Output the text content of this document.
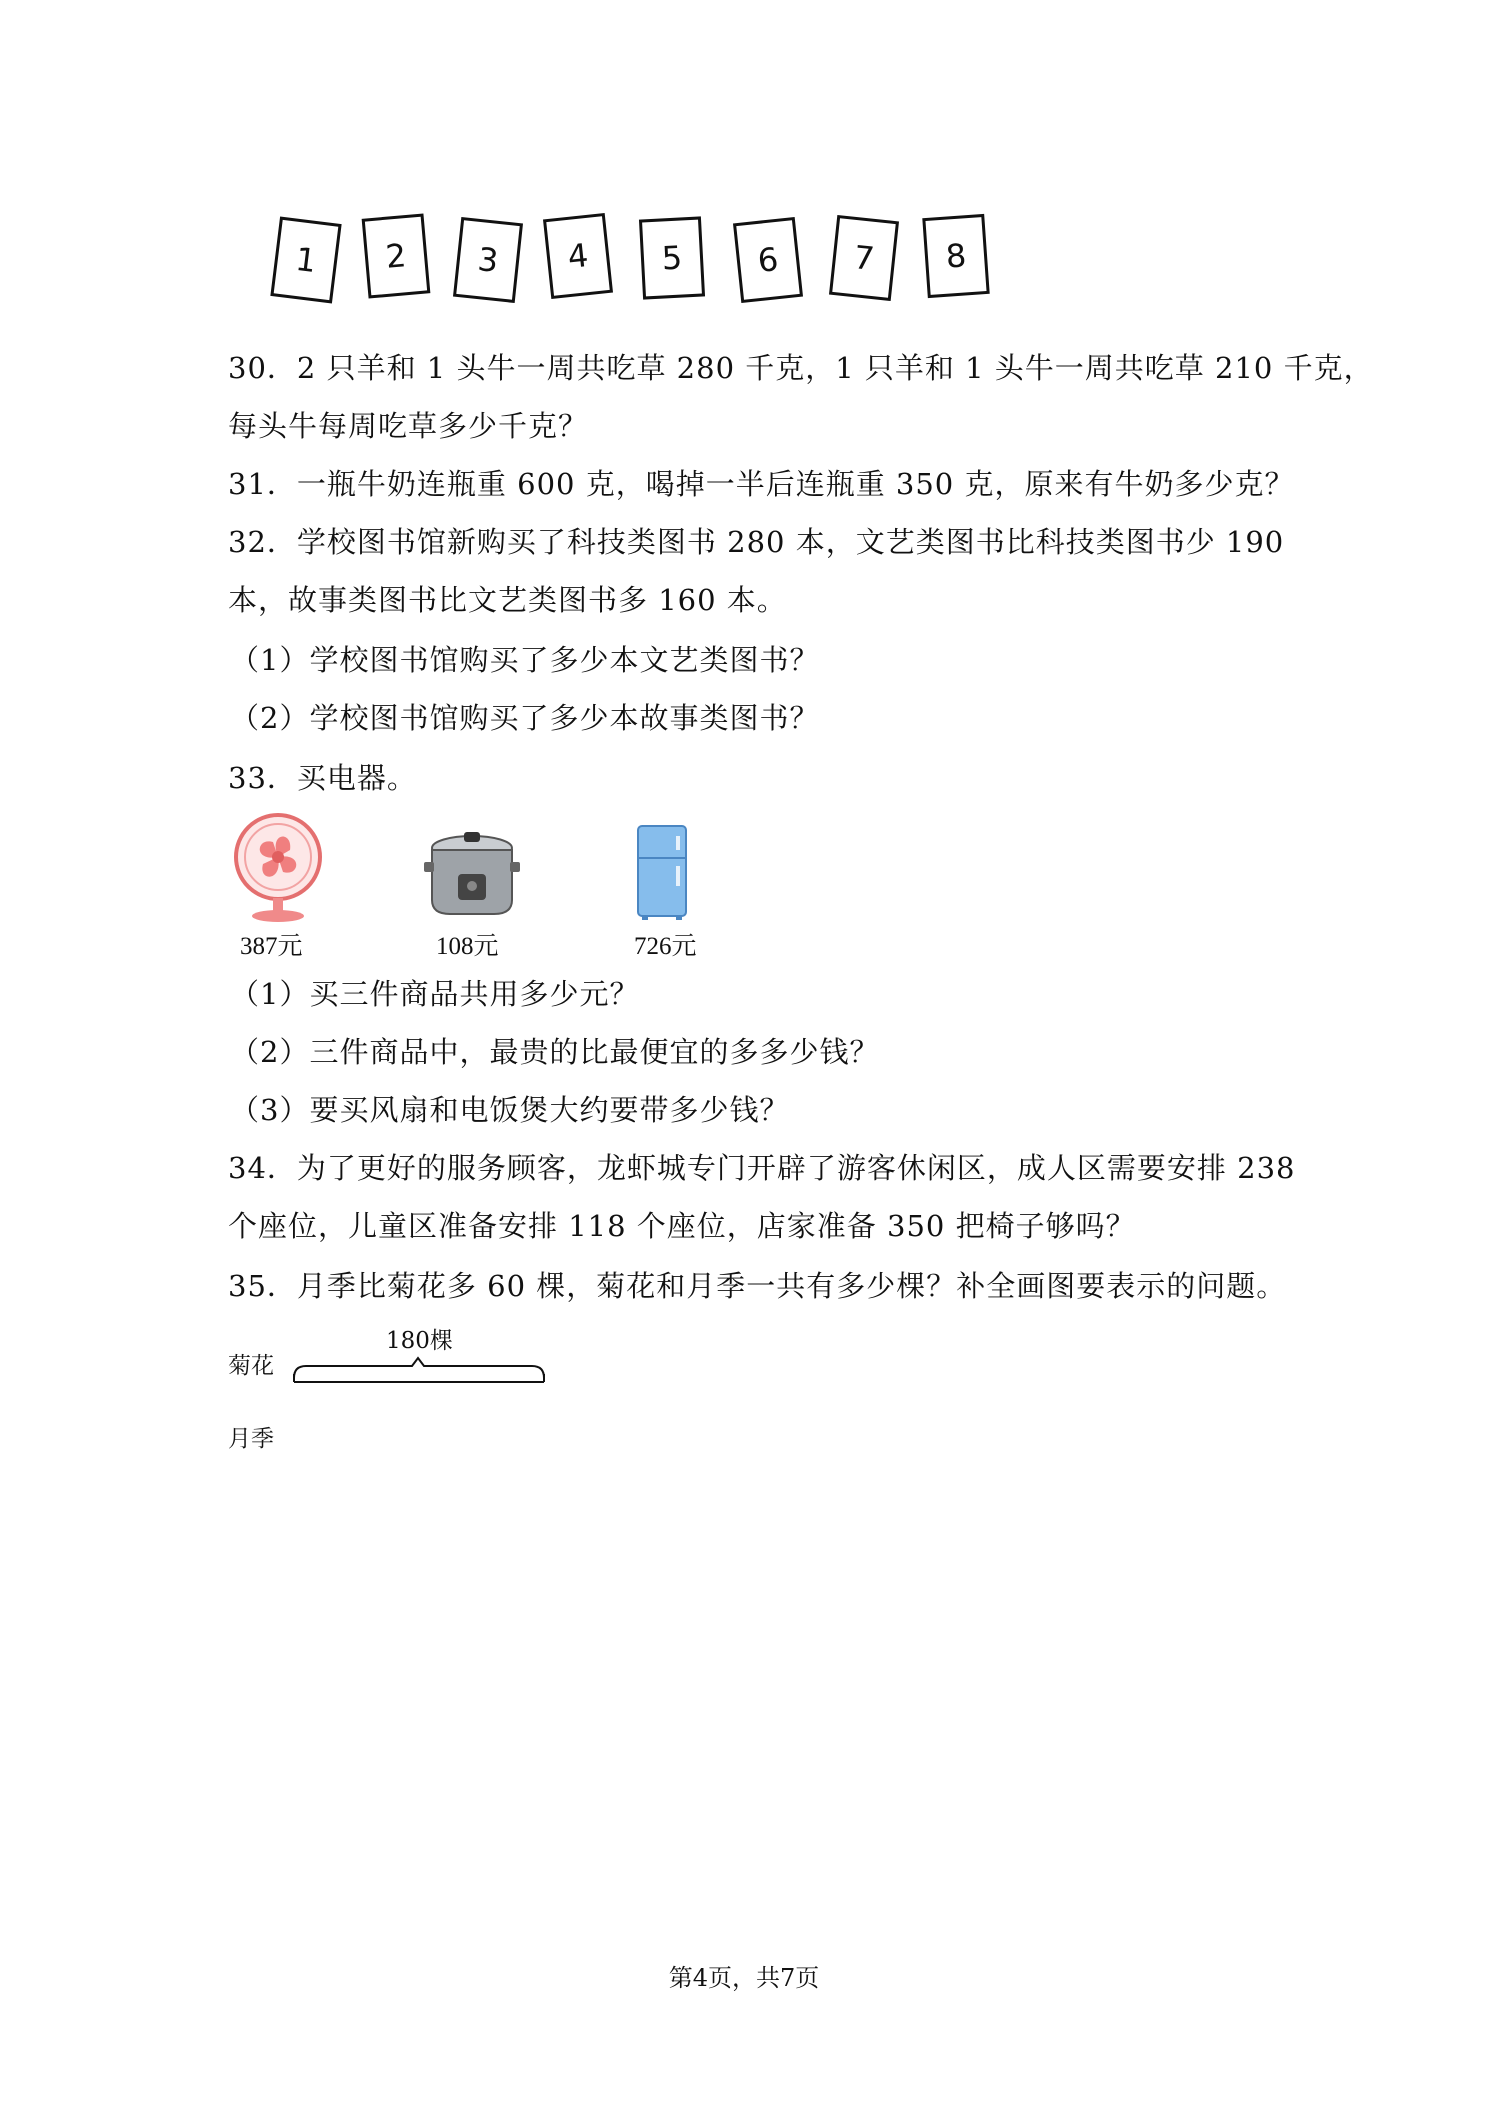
1	2	3	4	5	6	7	8
30．2 只羊和 1 头牛一周共吃草 280 千克，1 只羊和 1 头牛一周共吃草 210 千克，
每头牛每周吃草多少千克？
31．一瓶牛奶连瓶重 600 克，喝掉一半后连瓶重 350 克，原来有牛奶多少克？
32．学校图书馆新购买了科技类图书 280 本，文艺类图书比科技类图书少 190
本，故事类图书比文艺类图书多 160 本。
（1）学校图书馆购买了多少本文艺类图书？
（2）学校图书馆购买了多少本故事类图书？
33．买电器。
387元	108元	726元
（1）买三件商品共用多少元？
（2）三件商品中，最贵的比最便宜的多多少钱？
（3）要买风扇和电饭煲大约要带多少钱？
34．为了更好的服务顾客，龙虾城专门开辟了游客休闲区，成人区需要安排 238
个座位，儿童区准备安排 118 个座位，店家准备 350 把椅子够吗？
35．月季比菊花多 60 棵，菊花和月季一共有多少棵？补全画图要表示的问题。
180棵
菊花
月季
第4页，共7页
